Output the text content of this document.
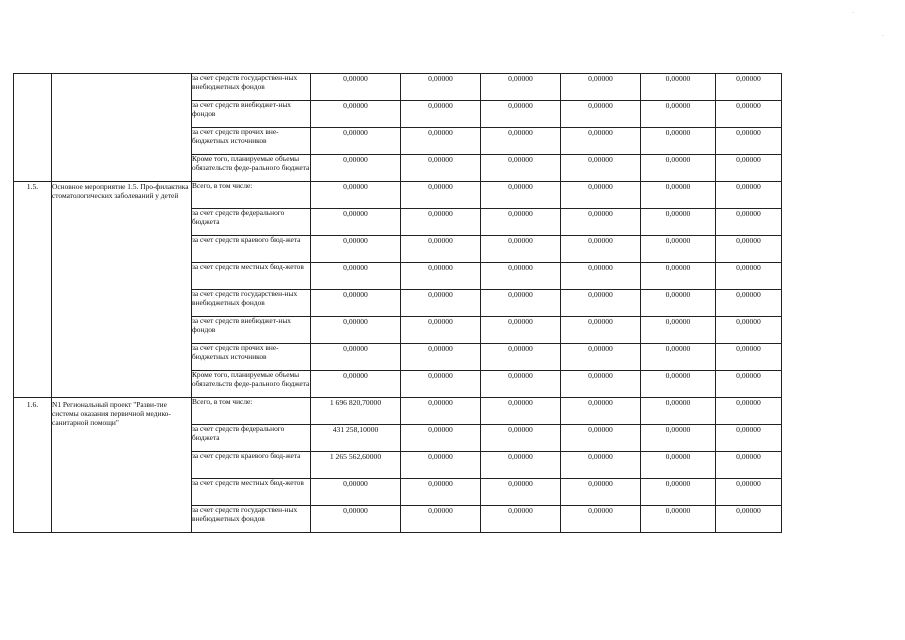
·
·
		за счет средств государствен-ных внебюджетных фондов	0,00000	0,00000	0,00000	0,00000	0,00000	0,00000
		за счет средств внебюджет-ных фондов	0,00000	0,00000	0,00000	0,00000	0,00000	0,00000
		за счет средств прочих вне-бюджетных источников	0,00000	0,00000	0,00000	0,00000	0,00000	0,00000
		Кроме того, планируемые объемы обязательств феде-рального бюджета	0,00000	0,00000	0,00000	0,00000	0,00000	0,00000
1.5.	Основное мероприятие 1.5. Про-филактика стоматологических заболеваний у детей	Всего, в том числе:	0,00000	0,00000	0,00000	0,00000	0,00000	0,00000
		за счет средств федерального бюджета	0,00000	0,00000	0,00000	0,00000	0,00000	0,00000
		за счет средств краевого бюд-жета	0,00000	0,00000	0,00000	0,00000	0,00000	0,00000
		за счет средств местных бюд-жетов	0,00000	0,00000	0,00000	0,00000	0,00000	0,00000
		за счет средств государствен-ных внебюджетных фондов	0,00000	0,00000	0,00000	0,00000	0,00000	0,00000
		за счет средств внебюджет-ных фондов	0,00000	0,00000	0,00000	0,00000	0,00000	0,00000
		за счет средств прочих вне-бюджетных источников	0,00000	0,00000	0,00000	0,00000	0,00000	0,00000
		Кроме того, планируемые объемы обязательств феде-рального бюджета	0,00000	0,00000	0,00000	0,00000	0,00000	0,00000
1.6.	N1 Региональный проект "Разви-тие системы оказания первичной медико-санитарной помощи"	Всего, в том числе:	1 696 820,70000	0,00000	0,00000	0,00000	0,00000	0,00000
		за счет средств федерального бюджета	431 258,10000	0,00000	0,00000	0,00000	0,00000	0,00000
		за счет средств краевого бюд-жета	1 265 562,60000	0,00000	0,00000	0,00000	0,00000	0,00000
		за счет средств местных бюд-жетов	0,00000	0,00000	0,00000	0,00000	0,00000	0,00000
		за счет средств государствен-ных внебюджетных фондов	0,00000	0,00000	0,00000	0,00000	0,00000	0,00000
